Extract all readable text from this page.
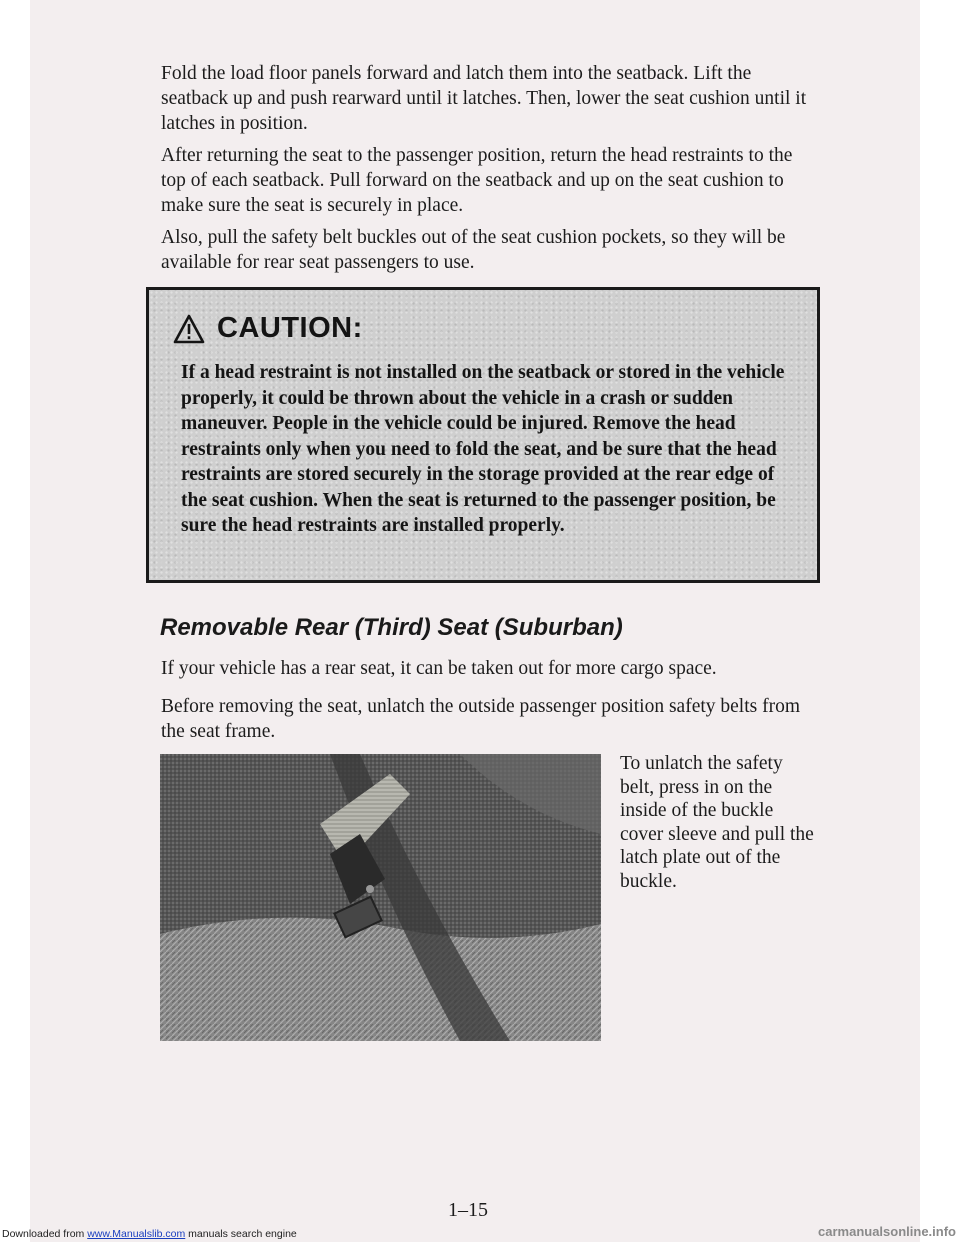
Fold the load floor panels forward and latch them into the seatback. Lift the seatback up and push rearward until it latches. Then, lower the seat cushion until it latches in position.

After returning the seat to the passenger position, return the head restraints to the top of each seatback. Pull forward on the seatback and up on the seat cushion to make sure the seat is securely in place.

Also, pull the safety belt buckles out of the seat cushion pockets, so they will be available for rear seat passengers to use.

CAUTION:

If a head restraint is not installed on the seatback or stored in the vehicle properly, it could be thrown about the vehicle in a crash or sudden maneuver. People in the vehicle could be injured. Remove the head restraints only when you need to fold the seat, and be sure that the head restraints are stored securely in the storage provided at the rear edge of the seat cushion. When the seat is returned to the passenger position, be sure the head restraints are installed properly.

Removable Rear (Third) Seat (Suburban)

If your vehicle has a rear seat, it can be taken out for more cargo space.

Before removing the seat, unlatch the outside passenger position safety belts from the seat frame.

To unlatch the safety belt, press in on the inside of the buckle cover sleeve and pull the latch plate out of the buckle.

1–15

Downloaded from www.Manualslib.com manuals search engine	carmanualsonline.info
